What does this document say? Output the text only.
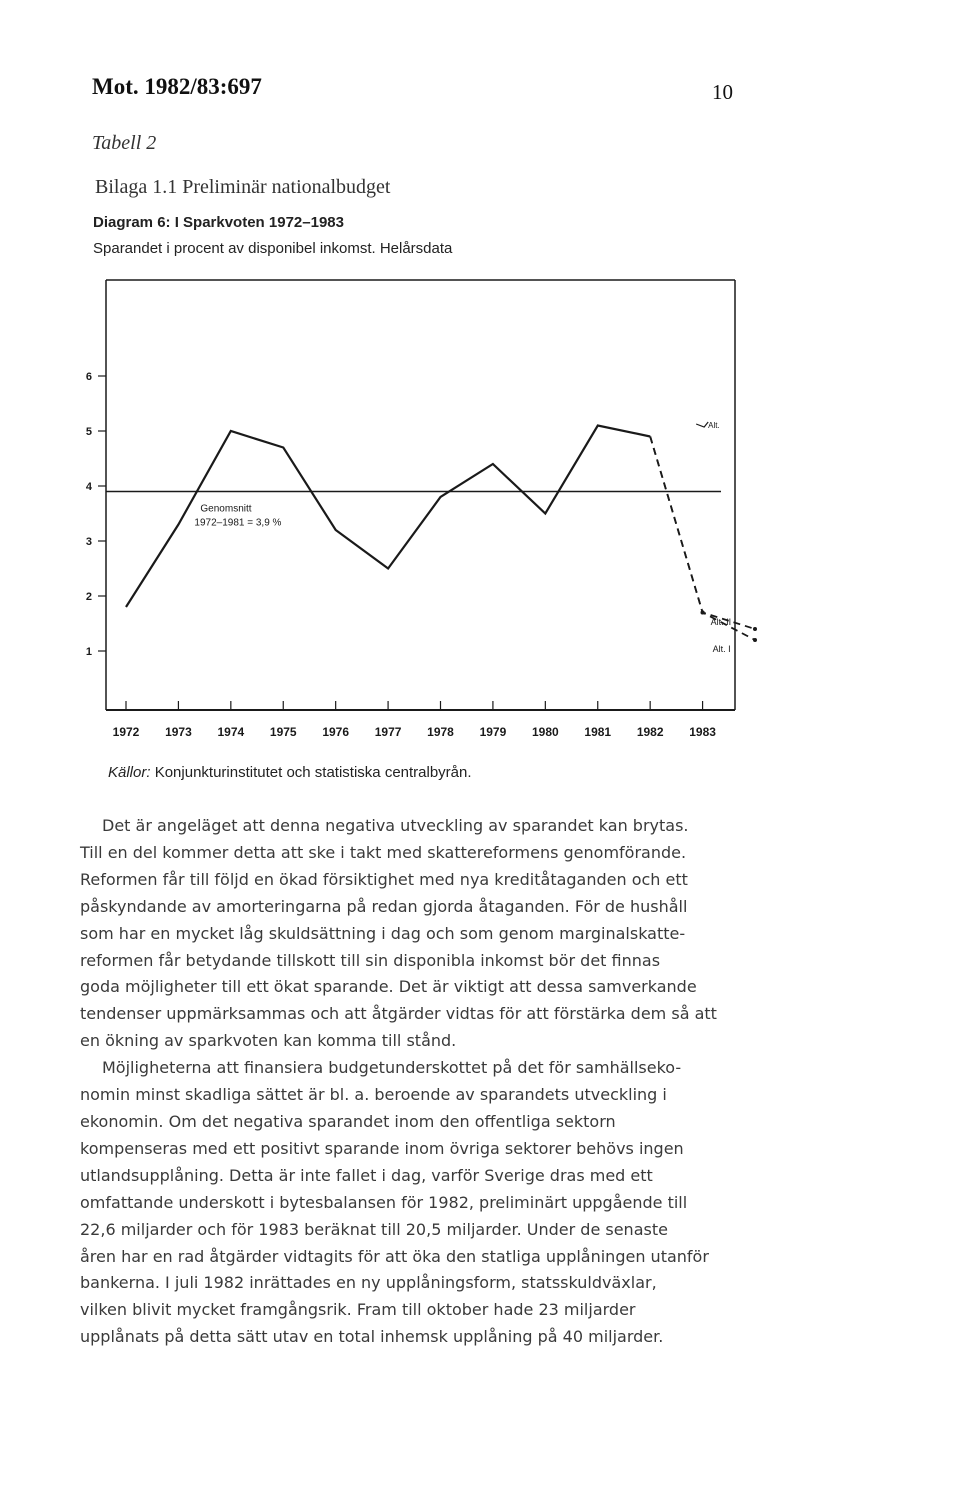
Mot. 1982/83:697	10
Tabell 2
Bilaga 1.1 Preliminär nationalbudget
Diagram 6: I Sparkvoten 1972–1983
Sparandet i procent av disponibel inkomst. Helårsdata
1
2
3
4
5
6
1972 1973 1974 1975 1976 1977 1978 1979 1980 1981 1982 1983
Genomsnitt
1972–1981 = 3,9 %
Alt. II
Alt. I
Alt.
Källor: Konjunkturinstitutet och statistiska centralbyrån.
Det är angeläget att denna negativa utveckling av sparandet kan brytas.
Till en del kommer detta att ske i takt med skattereformens genomförande.
Reformen får till följd en ökad försiktighet med nya kreditåtaganden och ett
påskyndande av amorteringarna på redan gjorda åtaganden. För de hushåll
som har en mycket låg skuldsättning i dag och som genom marginalskatte-
reformen får betydande tillskott till sin disponibla inkomst bör det finnas
goda möjligheter till ett ökat sparande. Det är viktigt att dessa samverkande
tendenser uppmärksammas och att åtgärder vidtas för att förstärka dem så att
en ökning av sparkvoten kan komma till stånd.
Möjligheterna att finansiera budgetunderskottet på det för samhällseko-
nomin minst skadliga sättet är bl. a. beroende av sparandets utveckling i
ekonomin. Om det negativa sparandet inom den offentliga sektorn
kompenseras med ett positivt sparande inom övriga sektorer behövs ingen
utlandsupplåning. Detta är inte fallet i dag, varför Sverige dras med ett
omfattande underskott i bytesbalansen för 1982, preliminärt uppgående till
22,6 miljarder och för 1983 beräknat till 20,5 miljarder. Under de senaste
åren har en rad åtgärder vidtagits för att öka den statliga upplåningen utanför
bankerna. I juli 1982 inrättades en ny upplåningsform, statsskuldväxlar,
vilken blivit mycket framgångsrik. Fram till oktober hade 23 miljarder
upplånats på detta sätt utav en total inhemsk upplåning på 40 miljarder.
